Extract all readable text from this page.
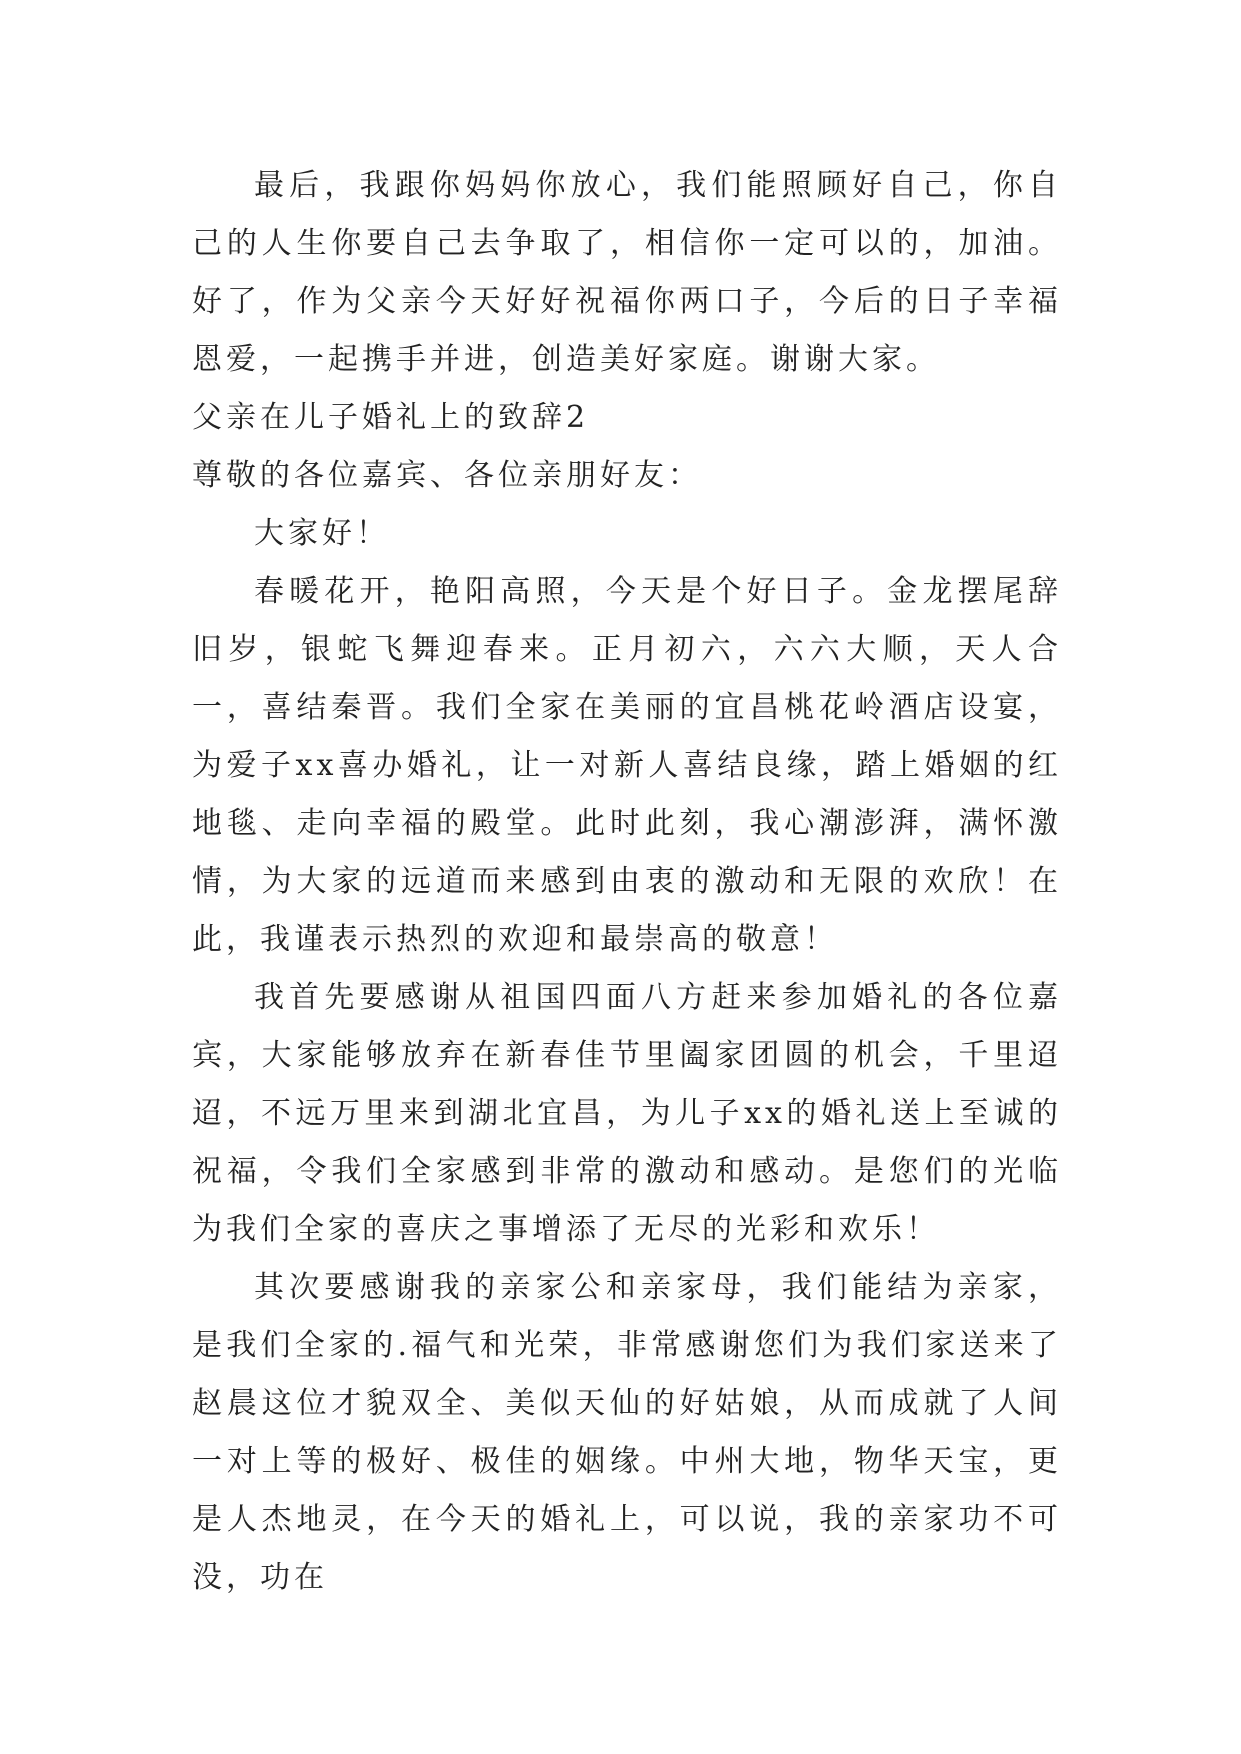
最后，我跟你妈妈你放心，我们能照顾好自己，你自己的人生你要自己去争取了，相信你一定可以的，加油。好了，作为父亲今天好好祝福你两口子，今后的日子幸福恩爱，一起携手并进，创造美好家庭。谢谢大家。

父亲在儿子婚礼上的致辞2

尊敬的各位嘉宾、各位亲朋好友：

大家好！

春暖花开，艳阳高照，今天是个好日子。金龙摆尾辞旧岁，银蛇飞舞迎春来。正月初六，六六大顺，天人合一，喜结秦晋。我们全家在美丽的宜昌桃花岭酒店设宴，为爱子xx喜办婚礼，让一对新人喜结良缘，踏上婚姻的红地毯、走向幸福的殿堂。此时此刻，我心潮澎湃，满怀激情，为大家的远道而来感到由衷的激动和无限的欢欣！在此，我谨表示热烈的欢迎和最崇高的敬意！

我首先要感谢从祖国四面八方赶来参加婚礼的各位嘉宾，大家能够放弃在新春佳节里阖家团圆的机会，千里迢迢，不远万里来到湖北宜昌，为儿子xx的婚礼送上至诚的祝福，令我们全家感到非常的激动和感动。是您们的光临为我们全家的喜庆之事增添了无尽的光彩和欢乐！

其次要感谢我的亲家公和亲家母，我们能结为亲家，是我们全家的.福气和光荣，非常感谢您们为我们家送来了赵晨这位才貌双全、美似天仙的好姑娘，从而成就了人间一对上等的极好、极佳的姻缘。中州大地，物华天宝，更是人杰地灵，在今天的婚礼上，可以说，我的亲家功不可没，功在
